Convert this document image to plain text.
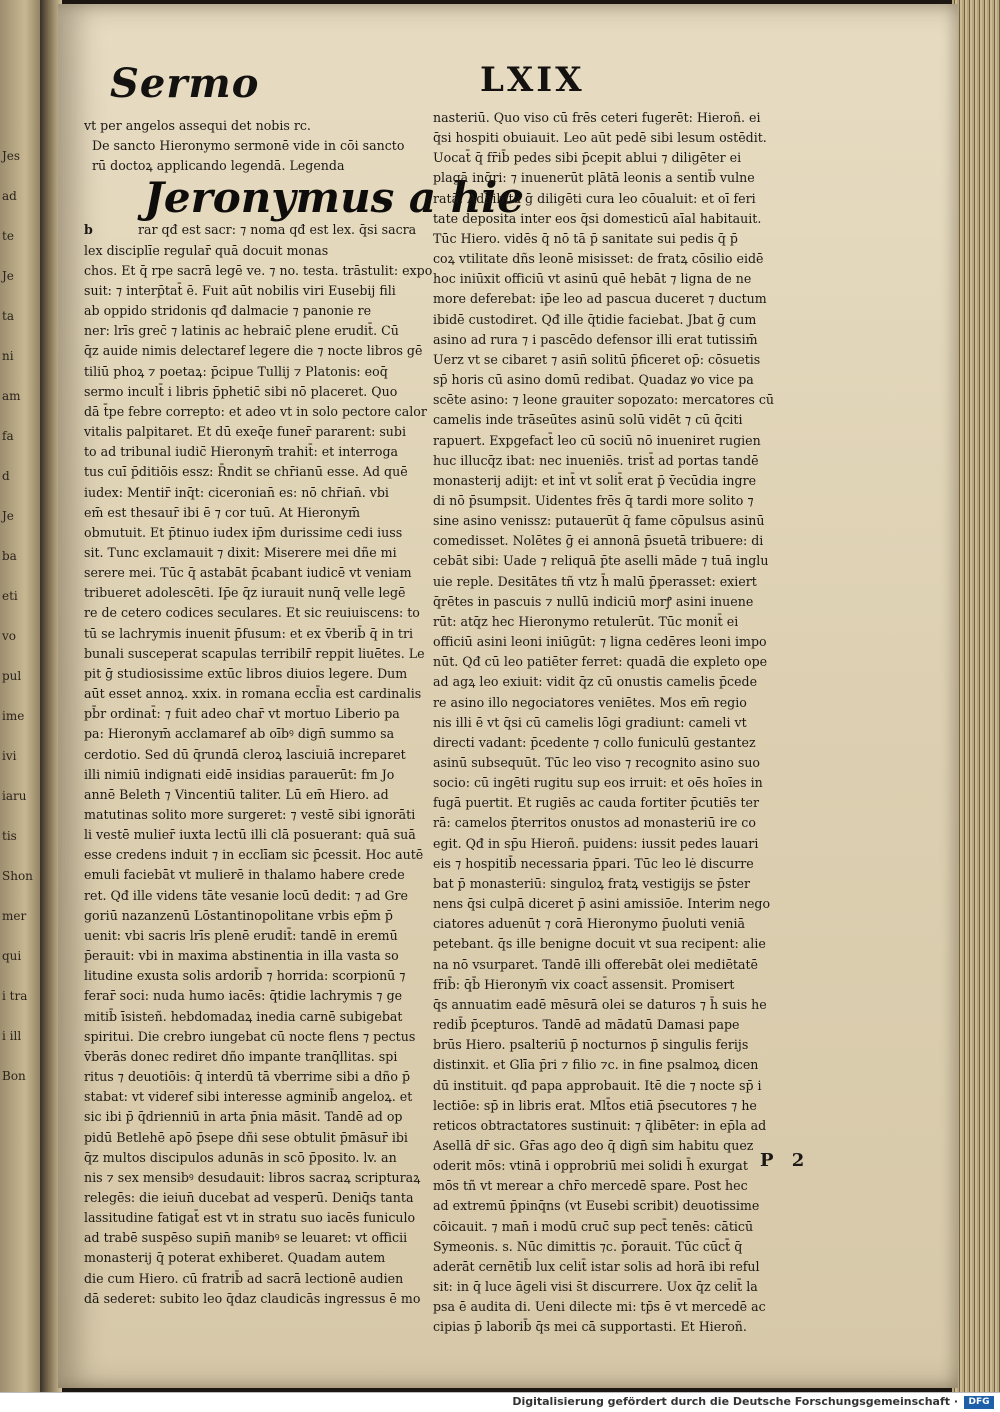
Jes
ad
te
Je
ta
ni
am
fa
d
Je
ba
eti
vo
pul
ime
ivi
iaru
tis
Shon
mer
qui
i tra
i ill
Bon
Sermo	LXIX
vt per angelos assequi det nobis rc.
De sancto Hieronymo sermonē vide in cōi sancto
rū doctoꝝ applicando legendā. Legenda
Jeronymus a hie
b	rar qđ est sacr: ⁊ noma qđ est lex. q̄si sacra
lex disciplīe regular̄ quā docuit monas
chos. Et q̄ rpe sacrā legē ve. ⁊ no. testa. trāstulit: expo
suit: ⁊ interp̄tat̄ ē. Fuit aūt nobilis viri Eusebij fili
ab oppido stridonis qđ dalmacie ⁊ panonie re
ner: lrīs grec̄ ⁊ latinis ac hebraic̄ plene erudit̄. Cū
q̄z auide nimis delectaref legere die ⁊ nocte libros gē
tiliū phoꝝ ⁊ poetaꝝ: p̄cipue Tullij ⁊ Platonis: eoq̄
sermo incult̄ i libris p̄phetic̄ sibi nō placeret. Quo
dā t̄pe febre correpto: et adeo vt in solo pectore calor
vitalis palpitaret. Et dū exeq̄e funer̄ pararent: subi
to ad tribunal iudic̄ Hieronym̄ trahit̄: et interroga
tus cuī p̄ditiōis essz: R̄ndit se chr̄ianū esse. Ad quē
iudex: Mentir̄ inq̄t: ciceronian̄ es: nō chr̄ian̄. vbi
em̄ est thesaur̄ ibi ē ⁊ cor tuū. At Hieronym̄
obmutuit. Et p̄tinuo iudex ip̄m durissime cedi iuss
sit. Tunc exclamauit ⁊ dixit: Miserere mei dñe mi
serere mei. Tūc q̄ astabāt p̄cabant iudicē vt veniam
tribueret adolescēti. Ip̄e q̄z iurauit nunq̄ velle legē
re de cetero codices seculares. Et sic reuiuiscens: to
tū se lachrymis inuenit p̄fusum: et ex v̄berib̄ q̄ in tri
bunali susceperat scapulas terribilr̄ reppit liuētes. Le
pit ḡ studiosissime extūc libros diuios legere. Dum
aūt esset annoꝝ. xxix. in romana eccl̄ia est cardinalis
pb̄r ordinat̄: ⁊ fuit adeo char̄ vt mortuo Liberio pa
pa: Hieronym̄ acclamaref ab oībꝰ dign̄ summo sa
cerdotio. Sed dū q̄rundā cleroꝝ lasciuiā increparet
illi nimiū indignati eidē insidias parauerūt: fm Jo
annē Beleth ⁊ Vincentiū taliter. Lū em̄ Hiero. ad
matutinas solito more surgeret: ⁊ vestē sibi ignorāti
li vestē mulier̄ iuxta lectū illi̇ clā posuerant: quā suā
esse credens induit ⁊ in ecclīam sic p̄cessit. Hoc autē
emuli faciebāt vt mulierē in thalamo habere crede
ret. Qđ ille videns tāte vesanie locū dedit: ⁊ ad Gre
goriū nazanzenū Lōstantinopolitane vrbis ep̄m p̄
uenit: vbi sacris lrīs plenē erudit̄: tandē in eremū
p̄erauit: vbi in maxima abstinentia in illa vasta so
litudine exusta solis ardorib̄ ⁊ horrida: scorpionū ⁊
ferar̄ soci̇: nuda humo iacēs: q̄tidie lachrymis ⁊ ge
mitib̄ īsisteñ. hebdomadaꝝ inedia carnē subigebat
spiritui. Die crebro iungebat cū nocte flens ⁊ pectus
v̄berās donec rediret dño impante tranq̄llitas. spi
ritus ⁊ deuotiōis: q̄ interdū tā vberrime sibi a dño p̄
stabat: vt videref sibi interesse agminib̄ angeloꝝ. et
sic ibi p̄ q̄drienniū in arta p̄nia māsit. Tandē ad op
pidū Betlehē apō p̄sepe dñi sese obtulit p̄māsur̄ ibi
q̄z multos discipulos adunās in scō p̄posito. lv. an
nis ⁊ sex mensibꝰ desudauit: libros sacraꝝ scripturaꝝ
relegēs: die ieiun̄ ducebat ad vesperū. Deniq̄s tanta
lassitudine fatigat̄ est vt in stratu suo iacēs funiculo
ad trabē suspēso supin̄ manibꝰ se leuaret: vt officii
monasterij q̄ poterat exhiberet. Quadam autem
die cum Hiero. cū fratrib̄ ad sacrā lectionē audien
dā sederet: subito leo q̄daz claudicās ingressus ē mo
nasteriū. Quo viso cū frēs ceteri fugerēt: Hieroñ. ei
q̄si hospiti obuiauit. Leo aūt pedē sibi lesum ostēdit.
Uocat̄ q̄ fr̄ib̄ pedes sibi p̄cepit ablui ⁊ diligēter ei
plagā inq̄ri: ⁊ inuenerūt plātā leonis a sentib̄ vulne
ratā. Adhibita ḡ diligēti cura leo cōualuit: et oī feri
tate deposita inter eos q̄si domesticū aīal habitauit.
Tūc Hiero. vidēs q̄ nō tā p̄ sanitate sui pedis q̄ p̄
coꝝ vtilitate dñs leonē misisset: de fratꝝ cōsilio eidē
hoc iniūxit officiū vt asinū quē hebāt ⁊ ligna de ne
more deferebat: ip̄e leo ad pascua duceret ⁊ ductum
ibidē custodiret. Qđ ille q̄tidie faciebat. Jbat ḡ cum
asino ad rura ⁊ i pascēdo defensor illi̇ erat tutissim̄
Uerz vt se cibaret ⁊ asin̄ solitū p̄ficeret op̄: cōsuetis
sp̄ horis cū asino domū redibat. Quadaz ꝟo vice pa
scēte asino: ⁊ leone grauiter sopozato: mercatores cū
camelis inde trāseūtes asinū solū vidēt ⁊ cū q̄citi
rapuert. Expgefact̄ leo cū sociū nō inueniret rugien
huc illucq̄z ibat: nec inueniēs. trist̄ ad portas tandē
monasterij adijt: et int̄ vt solit̄ erat p̄ v̄ecūdia ingre
di nō p̄sumpsit. Uidentes frēs q̄ tardi more solito ⁊
sine asino venissz: putauerūt q̄ fame cōpulsus asinū
comedisset. Nolētes ḡ ei annonā p̄suetā tribuere: di
cebāt sibi: Uade ⁊ reliquā p̄te aselli māde ⁊ tuā inglu
uie reple. Desitātes tñ vtz h̄ malū p̄perasset: exiert
q̄rētes in pascuis ⁊ nullū indiciū morꝭ asini inuene
rūt: atq̄z hec Hieronymo retulerūt. Tūc monit̄ ei
officiū asini leoni iniūgūt: ⁊ ligna cedēres leoni impo
nūt. Qđ cū leo patiēter ferret: quadā die expleto ope
ad agꝝ leo exiuit: vidit q̄z cū onustis camelis p̄cede
re asino illo negociatores veniētes. Mos em̄ regio
nis illi̇ ē vt q̄si cū camelis lōgi̇ gradiunt: cameli vt
directi̇ vadant: p̄cedente ⁊ collo funiculū gestantez
asinū subsequūt. Tūc leo viso ⁊ recognito asino suo
socio: cū ingēti rugitu sup eos irruit: et oēs hoīes in
fugā puertit. Et rugiēs ac cauda fortiter p̄cutiēs ter
rā: camelos p̄territos onustos ad monasteriū ire co
egit. Qđ in sp̄u Hieroñ. puidens: iussit pedes lauari
eis ⁊ hospitib̄ necessaria p̄pari. Tūc leo lė discurre
bat p̄ monasteriū: singuloꝝ fratꝝ vestigijs se p̄ster
nens q̄si culpā diceret p̄ asini amissiōe. Interim nego
ciatores aduenūt ⁊ corā Hieronymo p̄uoluti veniā
petebant. q̄s ille benigne docuit vt sua recipent: alie
na nō vsurparet. Tandē illi offerebāt olei mediētatē
fr̄ib̄: q̄b̄ Hieronym̄ vix coact̄ assensit. Promisert
q̄s annuatim eadē mēsurā olei se daturos ⁊ h̄ suis he
redib̄ p̄cepturos. Tandē ad mādatū Damasi pape
brūs Hiero. psalteriū p̄ nocturnos p̄ singulis ferijs
distinxit. et Glīa p̄ri ⁊ filio ⁊c. in fine psalmoꝝ dicen
dū instituit. qđ papa approbauit. Itē die ⁊ nocte sp̄ i
lectiōe: sp̄ in libris erat. Mlt̄os etiā p̄secutores ⁊ he
reticos obtractatores sustinuit: ⁊ q̄libēter: in ep̄la ad
Asellā dr̄ sic. Gr̄as ago deo q̄ dign̄ sim habitu quez
oderit mōs: vtinā i opprobriū mei solidi h̄ exurgat
mōs tñ vt merear a chr̄o mercedē spare. Post hec
ad extremū p̄pinq̄ns (vt Eusebi̇ scribit) deuotissime
cōicauit. ⁊ man̄ i modū cruc̄ sup pect̄ tenēs: cāticū
Symeonis. s. Nūc dimittis ⁊c. p̄orauit. Tūc cūct̄ q̄
aderāt cernētib̄ lux celit̄ istar solis ad horā ibi reful
sit: in q̄ luce āgeli visi s̄t discurrere. Uox q̄z celit̄ la
psa ē audita di. Ueni dilecte mi: tp̄s ē vt mercedē ac
cipias p̄ laborib̄ q̄s mei cā supportasti. Et Hieroñ.
P 2
Digitalisierung gefördert durch die Deutsche Forschungsgemeinschaft ·	DFG
